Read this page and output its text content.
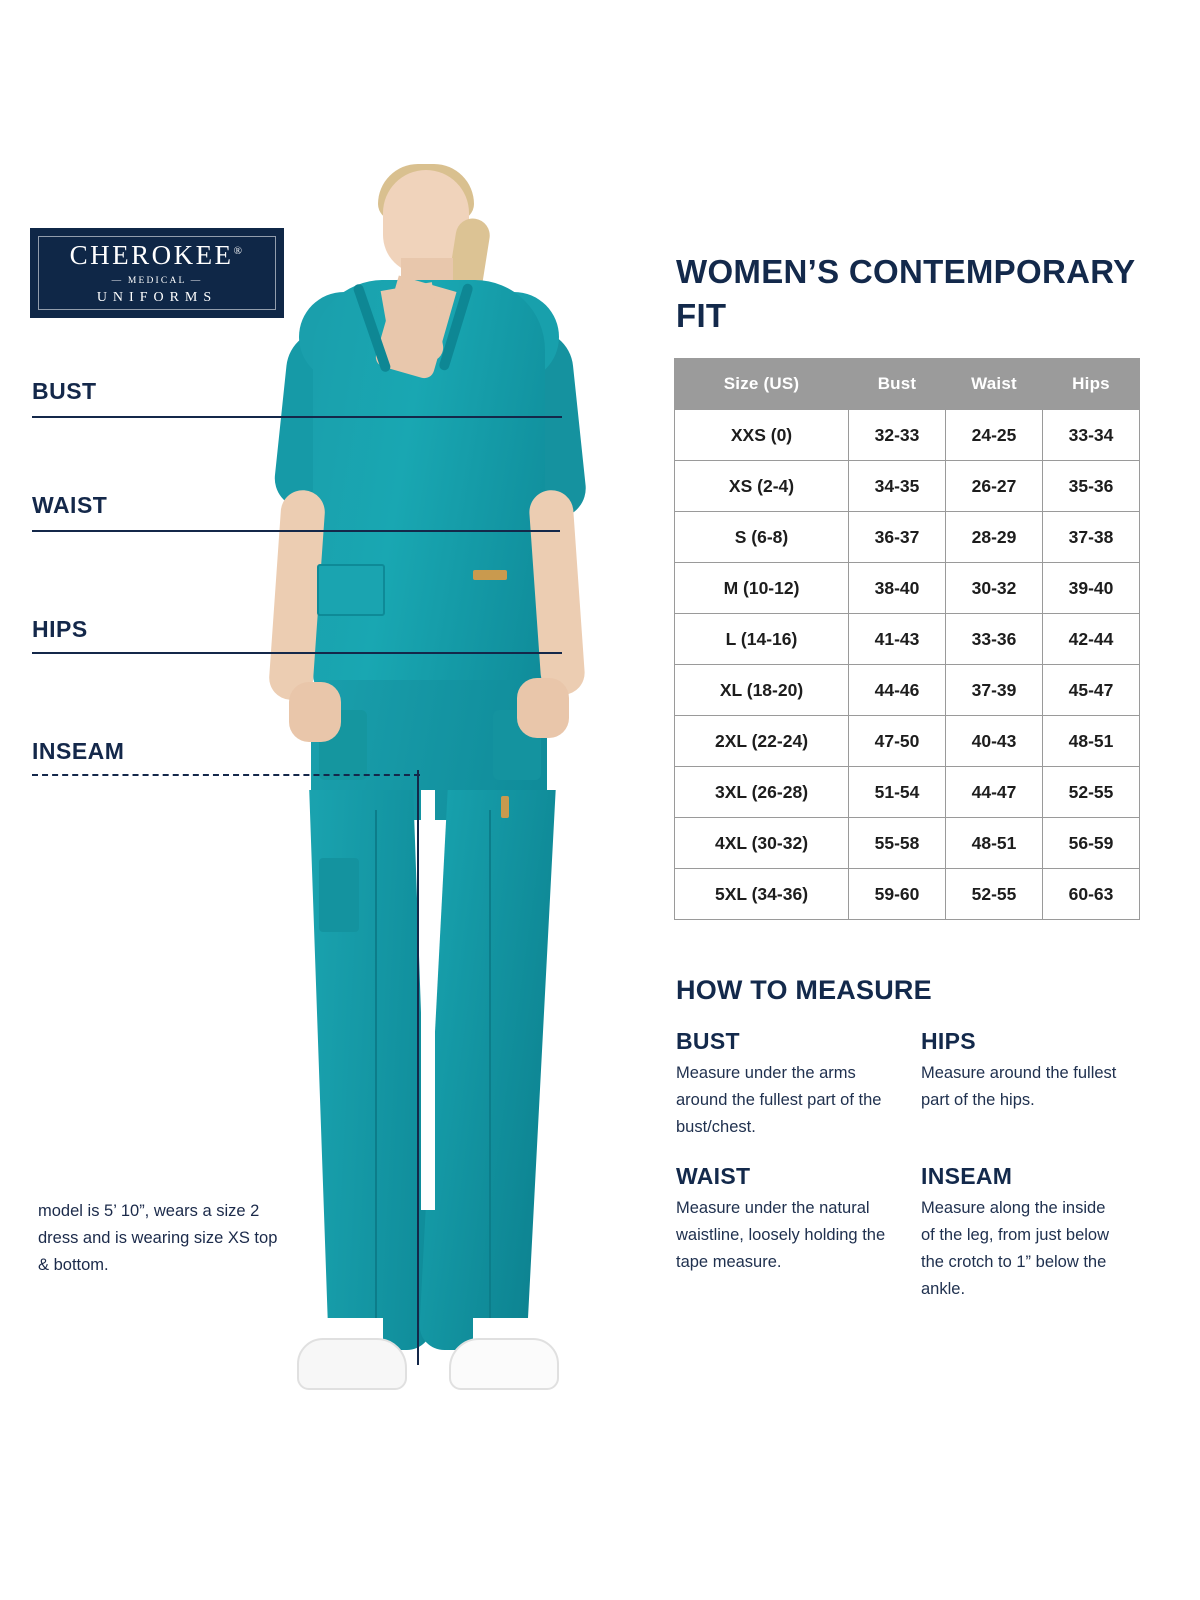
CHEROKEE®
— MEDICAL —
UNIFORMS
BUST
WAIST
HIPS
INSEAM
model is 5’ 10”, wears a size 2 dress and is wearing size XS top & bottom.
WOMEN’S CONTEMPORARY FIT
Size (US)	Bust	Waist	Hips
XXS (0)	32-33	24-25	33-34
XS (2-4)	34-35	26-27	35-36
S (6-8)	36-37	28-29	37-38
M (10-12)	38-40	30-32	39-40
L (14-16)	41-43	33-36	42-44
XL (18-20)	44-46	37-39	45-47
2XL (22-24)	47-50	40-43	48-51
3XL (26-28)	51-54	44-47	52-55
4XL (30-32)	55-58	48-51	56-59
5XL (34-36)	59-60	52-55	60-63
HOW TO MEASURE
BUST

Measure under the arms around the fullest part of the bust/chest.

HIPS

Measure around the fullest part of the hips.

WAIST

Measure under the natural waistline, loosely holding the tape measure.

INSEAM

Measure along the inside of the leg, from just below the crotch to 1” below the ankle.
